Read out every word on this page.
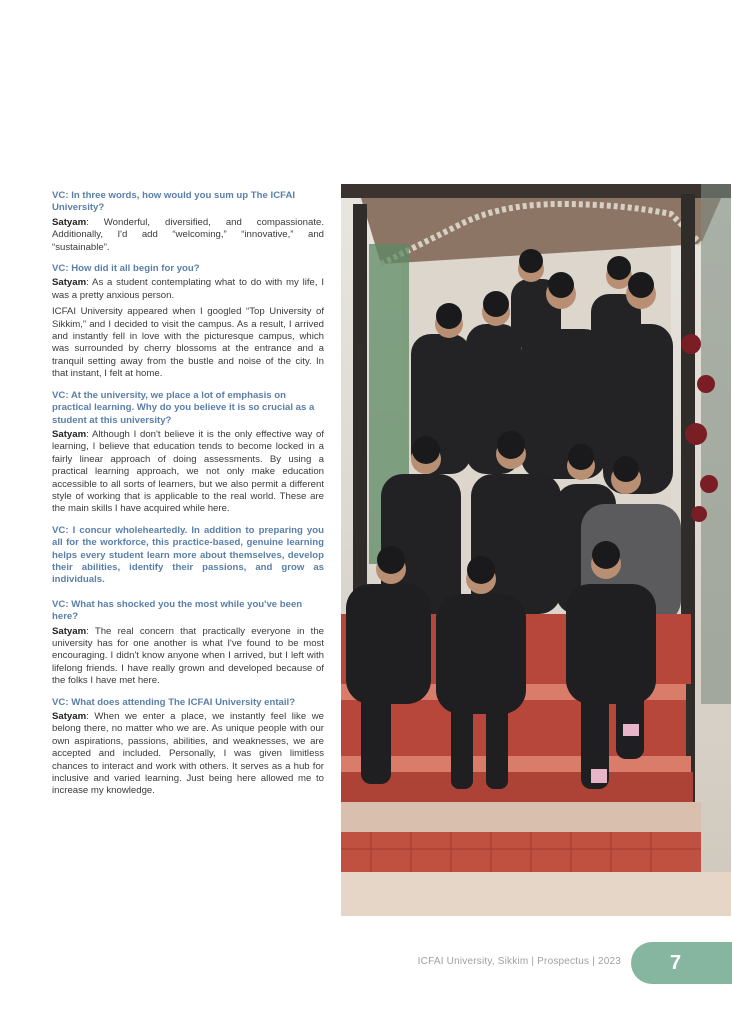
VC: In three words, how would you sum up The ICFAI University?

Satyam: Wonderful, diversified, and compassionate. Additionally, I'd add “welcoming,” “innovative,” and “sustainable”.

VC: How did it all begin for you?

Satyam: As a student contemplating what to do with my life, I was a pretty anxious person.

ICFAI University appeared when I googled “Top University of Sikkim,” and I decided to visit the campus. As a result, I arrived and instantly fell in love with the picturesque campus, which was surrounded by cherry blossoms at the entrance and a tranquil setting away from the bustle and noise of the city. In that instant, I felt at home.

VC: At the university, we place a lot of emphasis on practical learning. Why do you believe it is so crucial as a student at this university?

Satyam: Although I don't believe it is the only effective way of learning, I believe that education tends to become locked in a fairly linear approach of doing assessments. By using a practical learning approach, we not only make education accessible to all sorts of learners, but we also permit a different style of working that is applicable to the real world. These are the main skills I have acquired while here.

VC: I concur wholeheartedly. In addition to preparing you all for the workforce, this practice-based, genuine learning helps every student learn more about themselves, develop their abilities, identify their passions, and grow as individuals.

VC: What has shocked you the most while you've been here?

Satyam: The real concern that practically everyone in the university has for one another is what I've found to be most encouraging. I didn't know anyone when I arrived, but I left with lifelong friends. I have really grown and developed because of the folks I have met here.

VC: What does attending The ICFAI University entail?

Satyam: When we enter a place, we instantly feel like we belong there, no matter who we are. As unique people with our own aspirations, passions, abilities, and weaknesses, we are accepted and included. Personally, I was given limitless chances to interact and work with others. It serves as a hub for inclusive and varied learning. Just being here allowed me to increase my knowledge.

ICFAI University, Sikkim | Prospectus | 2023 7
